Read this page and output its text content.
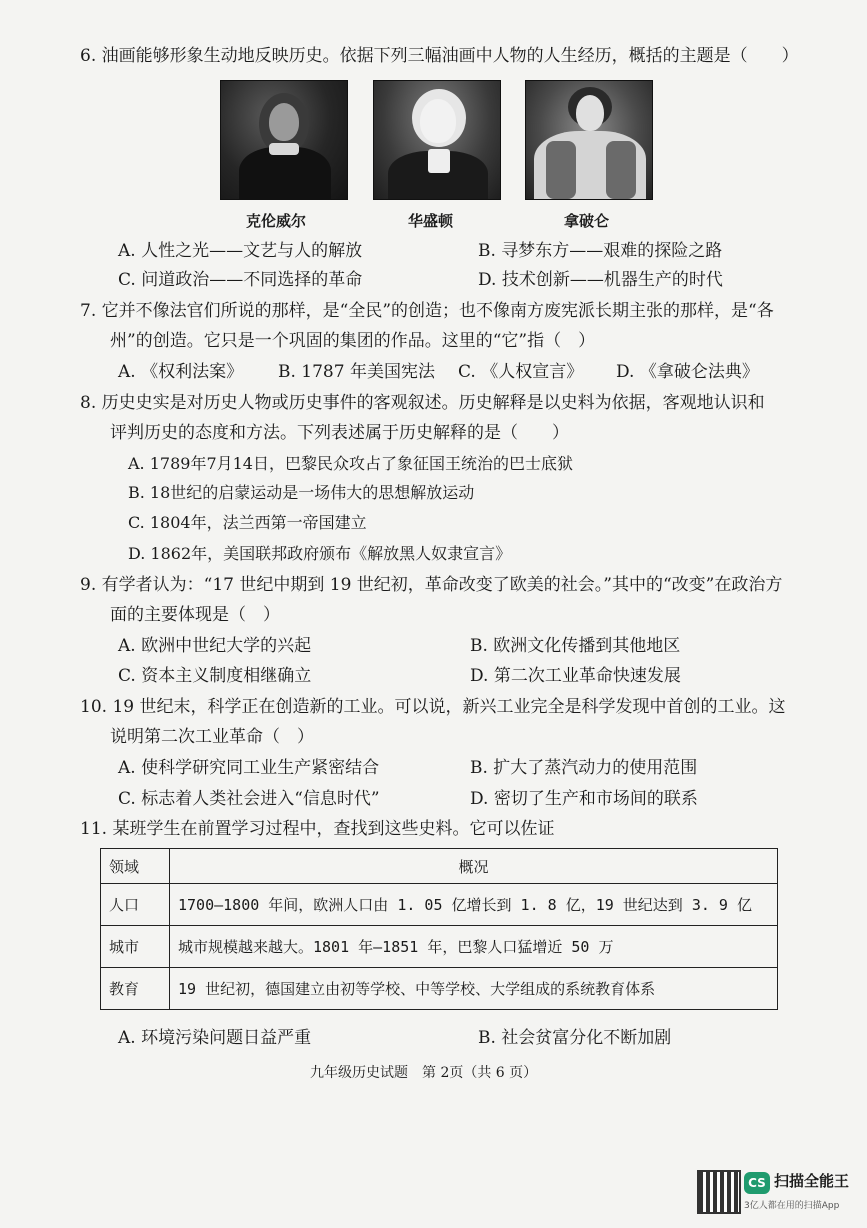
6. 油画能够形象生动地反映历史。依据下列三幅油画中人物的人生经历，概括的主题是（　　）
克伦威尔	华盛顿	拿破仑
A. 人性之光——文艺与人的解放	B. 寻梦东方——艰难的探险之路
C. 问道政治——不同选择的革命	D. 技术创新——机器生产的时代
7. 它并不像法官们所说的那样，是“全民”的创造；也不像南方废宪派长期主张的那样，是“各
州”的创造。它只是一个巩固的集团的作品。这里的“它”指（　）
A. 《权利法案》 B. 1787 年美国宪法 C. 《人权宣言》 D. 《拿破仑法典》
8. 历史史实是对历史人物或历史事件的客观叙述。历史解释是以史料为依据，客观地认识和
评判历史的态度和方法。下列表述属于历史解释的是（　　）
A. 1789年7月14日，巴黎民众攻占了象征国王统治的巴士底狱
B. 18世纪的启蒙运动是一场伟大的思想解放运动
C. 1804年，法兰西第一帝国建立
D. 1862年，美国联邦政府颁布《解放黑人奴隶宣言》
9. 有学者认为：“17 世纪中期到 19 世纪初，革命改变了欧美的社会。”其中的“改变”在政治方
面的主要体现是（　）
A. 欧洲中世纪大学的兴起	B. 欧洲文化传播到其他地区
C. 资本主义制度相继确立	D. 第二次工业革命快速发展
10. 19 世纪末，科学正在创造新的工业。可以说，新兴工业完全是科学发现中首创的工业。这
说明第二次工业革命（　）
A. 使科学研究同工业生产紧密结合	B. 扩大了蒸汽动力的使用范围
C. 标志着人类社会进入“信息时代”	D. 密切了生产和市场间的联系
11. 某班学生在前置学习过程中，查找到这些史料。它可以佐证
领域	概况
人口	1700—1800 年间，欧洲人口由 1. 05 亿增长到 1. 8 亿，19 世纪达到 3. 9 亿
城市	城市规模越来越大。1801 年—1851 年，巴黎人口猛增近 50 万
教育	19 世纪初，德国建立由初等学校、中等学校、大学组成的系统教育体系
A. 环境污染问题日益严重	B. 社会贫富分化不断加剧
九年级历史试题　第 2页（共 6 页）
CS 扫描全能王
3亿人都在用的扫描App
